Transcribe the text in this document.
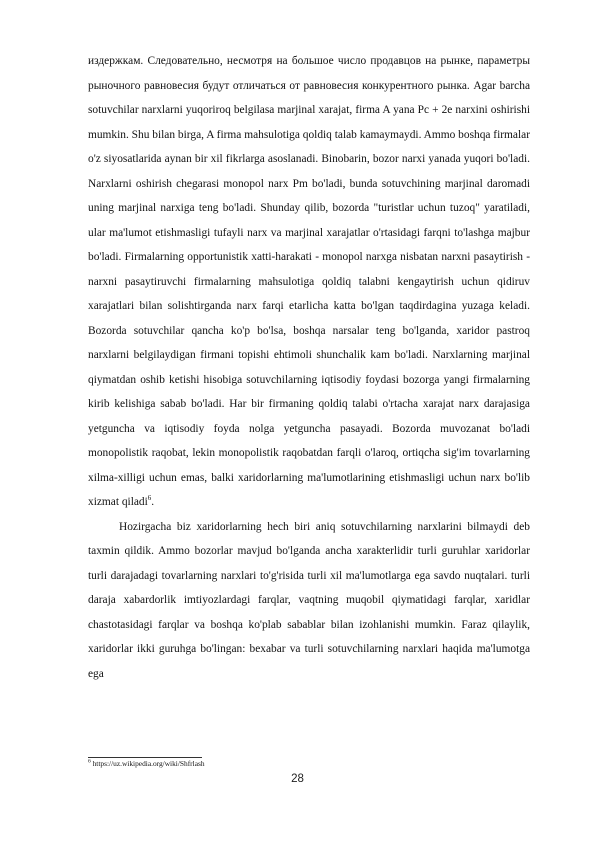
издержкам. Следовательно, несмотря на большое число продавцов на рынке, параметры рыночного равновесия будут отличаться от равновесия конкурентного рынка. Agar barcha sotuvchilar narxlarni yuqoriroq belgilasa marjinal xarajat, firma A yana Pc + 2e narxini oshirishi mumkin. Shu bilan birga, A firma mahsulotiga qoldiq talab kamaymaydi. Ammo boshqa firmalar o'z siyosatlarida aynan bir xil fikrlarga asoslanadi. Binobarin, bozor narxi yanada yuqori bo'ladi. Narxlarni oshirish chegarasi monopol narx Pm bo'ladi, bunda sotuvchining marjinal daromadi uning marjinal narxiga teng bo'ladi. Shunday qilib, bozorda "turistlar uchun tuzoq" yaratiladi, ular ma'lumot etishmasligi tufayli narx va marjinal xarajatlar o'rtasidagi farqni to'lashga majbur bo'ladi. Firmalarning opportunistik xatti-harakati - monopol narxga nisbatan narxni pasaytirish - narxni pasaytiruvchi firmalarning mahsulotiga qoldiq talabni kengaytirish uchun qidiruv xarajatlari bilan solishtirganda narx farqi etarlicha katta bo'lgan taqdirdagina yuzaga keladi. Bozorda sotuvchilar qancha ko'p bo'lsa, boshqa narsalar teng bo'lganda, xaridor pastroq narxlarni belgilaydigan firmani topishi ehtimoli shunchalik kam bo'ladi. Narxlarning marjinal qiymatdan oshib ketishi hisobiga sotuvchilarning iqtisodiy foydasi bozorga yangi firmalarning kirib kelishiga sabab bo'ladi. Har bir firmaning qoldiq talabi o'rtacha xarajat narx darajasiga yetguncha va iqtisodiy foyda nolga yetguncha pasayadi. Bozorda muvozanat bo'ladi monopolistik raqobat, lekin monopolistik raqobatdan farqli o'laroq, ortiqcha sig'im tovarlarning xilma-xilligi uchun emas, balki xaridorlarning ma'lumotlarining etishmasligi uchun narx bo'lib xizmat qiladi$^6$.

Hozirgacha biz xaridorlarning hech biri aniq sotuvchilarning narxlarini bilmaydi deb taxmin qildik. Ammo bozorlar mavjud bo'lganda ancha xarakterlidir turli guruhlar xaridorlar turli darajadagi tovarlarning narxlari to'g'risida turli xil ma'lumotlarga ega savdo nuqtalari. turli daraja xabardorlik imtiyozlardagi farqlar, vaqtning muqobil qiymatidagi farqlar, xaridlar chastotasidagi farqlar va boshqa ko'plab sabablar bilan izohlanishi mumkin. Faraz qilaylik, xaridorlar ikki guruhga bo'lingan: bexabar va turli sotuvchilarning narxlari haqida ma'lumotga ega

$^6$ https://uz.wikipedia.org/wiki/Shfrlash
28
